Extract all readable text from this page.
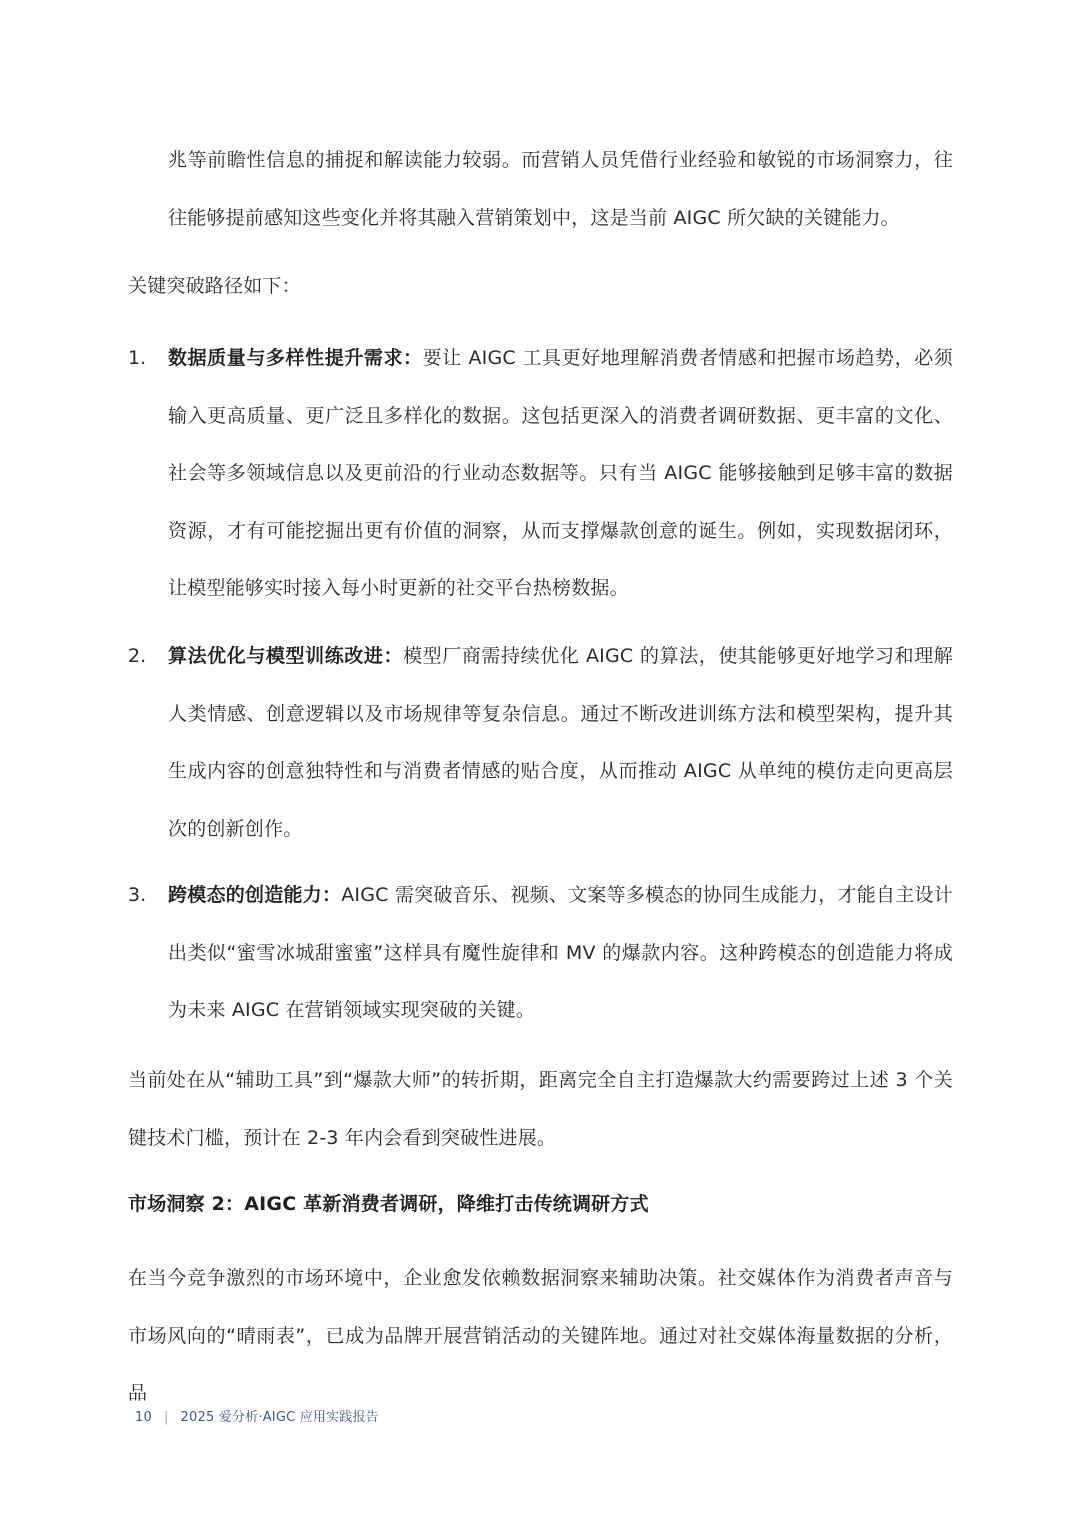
兆等前瞻性信息的捕捉和解读能力较弱。而营销人员凭借行业经验和敏锐的市场洞察力，往往能够提前感知这些变化并将其融入营销策划中，这是当前 AIGC 所欠缺的关键能力。

关键突破路径如下：

1.	数据质量与多样性提升需求：要让 AIGC 工具更好地理解消费者情感和把握市场趋势，必须输入更高质量、更广泛且多样化的数据。这包括更深入的消费者调研数据、更丰富的文化、社会等多领域信息以及更前沿的行业动态数据等。只有当 AIGC 能够接触到足够丰富的数据资源，才有可能挖掘出更有价值的洞察，从而支撑爆款创意的诞生。例如，实现数据闭环，让模型能够实时接入每小时更新的社交平台热榜数据。
2.	算法优化与模型训练改进：模型厂商需持续优化 AIGC 的算法，使其能够更好地学习和理解人类情感、创意逻辑以及市场规律等复杂信息。通过不断改进训练方法和模型架构，提升其生成内容的创意独特性和与消费者情感的贴合度，从而推动 AIGC 从单纯的模仿走向更高层次的创新创作。
3.	跨模态的创造能力：AIGC 需突破音乐、视频、文案等多模态的协同生成能力，才能自主设计出类似“蜜雪冰城甜蜜蜜”这样具有魔性旋律和 MV 的爆款内容。这种跨模态的创造能力将成为未来 AIGC 在营销领域实现突破的关键。

当前处在从“辅助工具”到“爆款大师”的转折期，距离完全自主打造爆款大约需要跨过上述 3 个关键技术门槛，预计在 2-3 年内会看到突破性进展。

市场洞察 2：AIGC 革新消费者调研，降维打击传统调研方式

在当今竞争激烈的市场环境中，企业愈发依赖数据洞察来辅助决策。社交媒体作为消费者声音与市场风向的“晴雨表”，已成为品牌开展营销活动的关键阵地。通过对社交媒体海量数据的分析，品

10 | 2025 爱分析·AIGC 应用实践报告
